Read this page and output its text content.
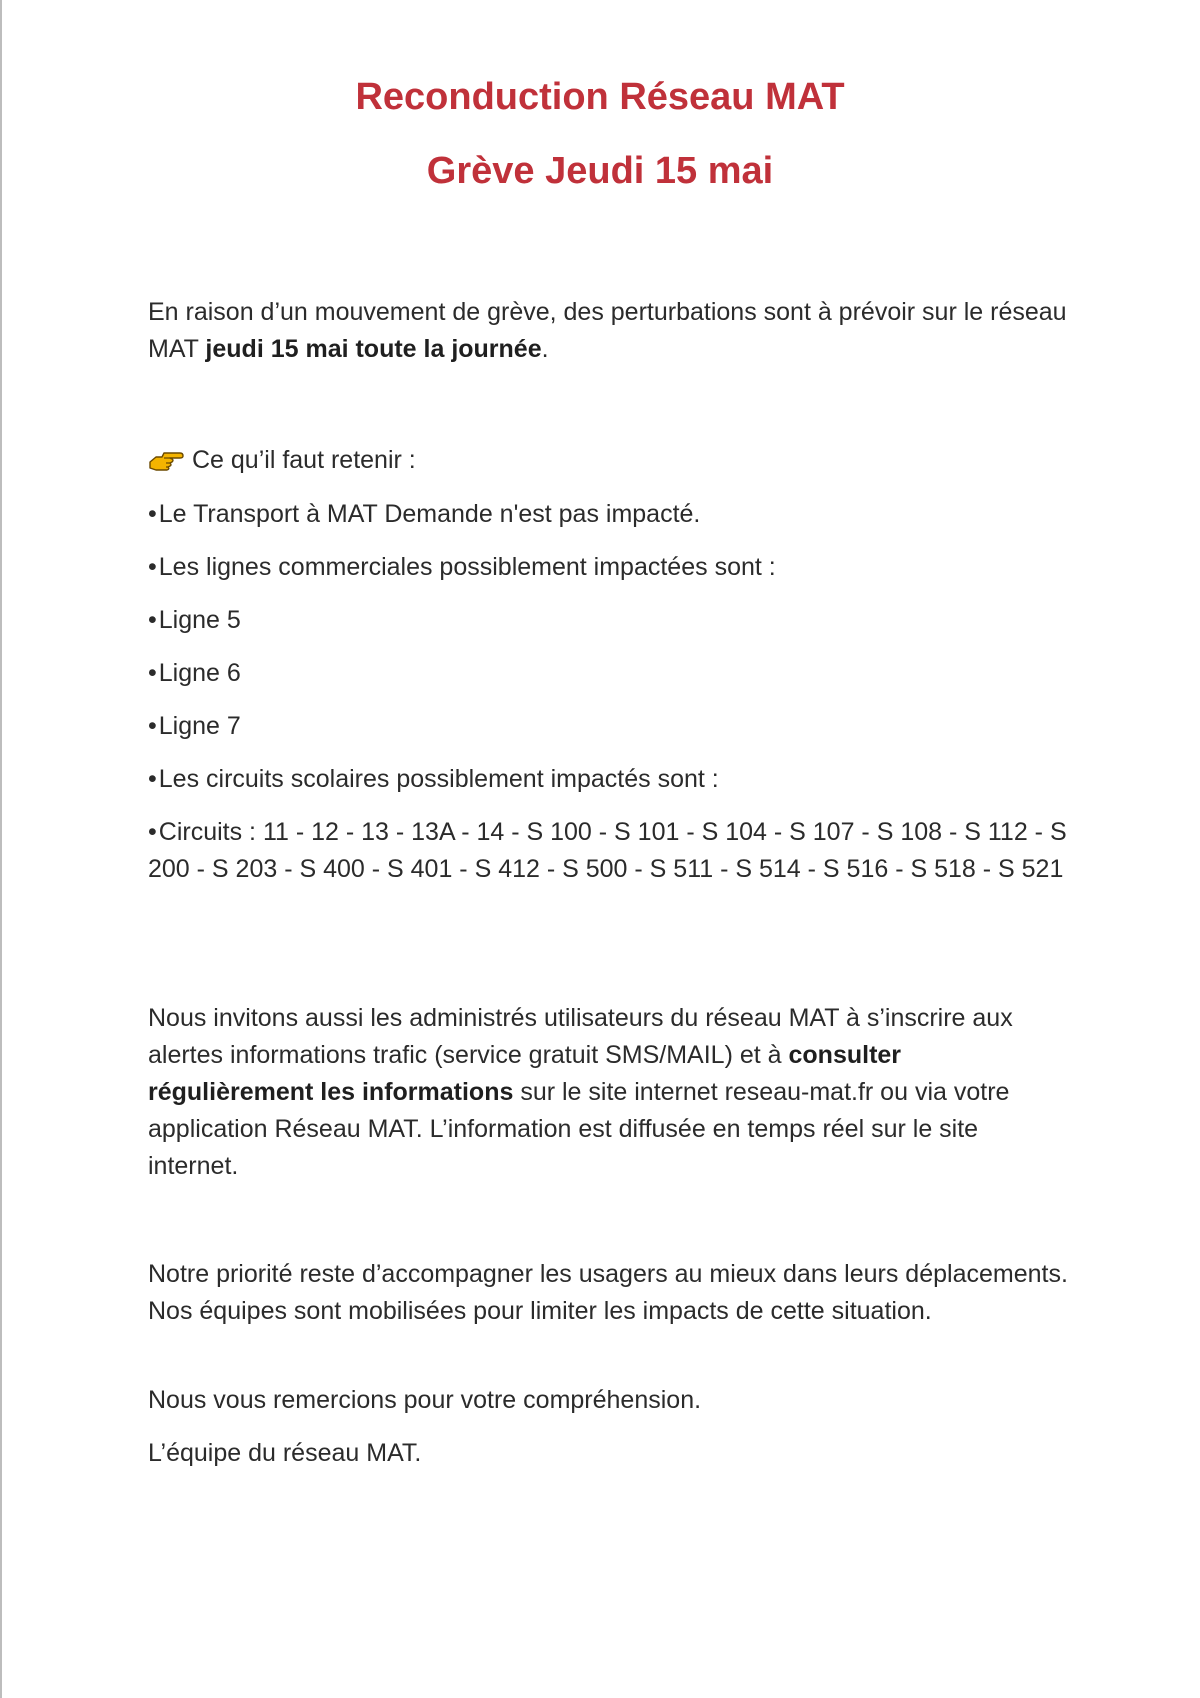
Reconduction Réseau MAT
Grève Jeudi 15 mai

En raison d’un mouvement de grève, des perturbations sont à prévoir sur le réseau MAT jeudi 15 mai toute la journée.

Ce qu’il faut retenir :

• Le Transport à MAT Demande n'est pas impacté.

• Les lignes commerciales possiblement impactées sont :

• Ligne 5

• Ligne 6

• Ligne 7

• Les circuits scolaires possiblement impactés sont :

• Circuits : 11 - 12 - 13 - 13A - 14 - S 100 - S 101 - S 104 - S 107 - S 108 - S 112 - S 200 - S 203 - S 400 - S 401 - S 412 - S 500 - S 511 - S 514 - S 516 - S 518 - S 521

Nous invitons aussi les administrés utilisateurs du réseau MAT à s’inscrire aux alertes informations trafic (service gratuit SMS/MAIL) et à consulter régulièrement les informations sur le site internet reseau-mat.fr ou via votre application Réseau MAT. L’information est diffusée en temps réel sur le site internet.

Notre priorité reste d’accompagner les usagers au mieux dans leurs déplacements. Nos équipes sont mobilisées pour limiter les impacts de cette situation.

Nous vous remercions pour votre compréhension.

L’équipe du réseau MAT.
